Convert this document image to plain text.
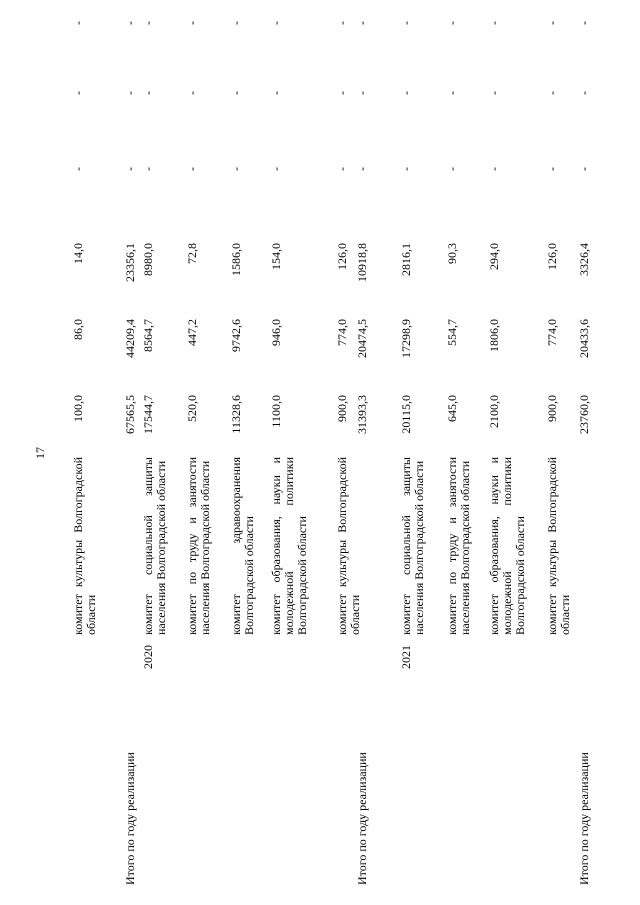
17
комитет культуры Волгоградской области
100,0
86,0
14,0
-
-
-
Итого по году реализации
67565,5
44209,4
23356,1
-
-
-
2020
комитет социальной защиты населения Волгоградской области
17544,7
8564,7
8980,0
-
-
-
комитет по труду и занятости населения Волгоградской области
520,0
447,2
72,8
-
-
-
комитет здравоохранения Волгоградской области
11328,6
9742,6
1586,0
-
-
-
комитет образования, науки и молодежной политики Волгоградской области
1100,0
946,0
154,0
-
-
-
комитет культуры Волгоградской области
900,0
774,0
126,0
-
-
-
Итого по году реализации
31393,3
20474,5
10918,8
-
-
-
2021
комитет социальной защиты населения Волгоградской области
20115,0
17298,9
2816,1
-
-
-
комитет по труду и занятости населения Волгоградской области
645,0
554,7
90,3
-
-
-
комитет образования, науки и молодежной политики Волгоградской области
2100,0
1806,0
294,0
-
-
-
комитет культуры Волгоградской области
900,0
774,0
126,0
-
-
-
Итого по году реализации
23760,0
20433,6
3326,4
-
-
-
